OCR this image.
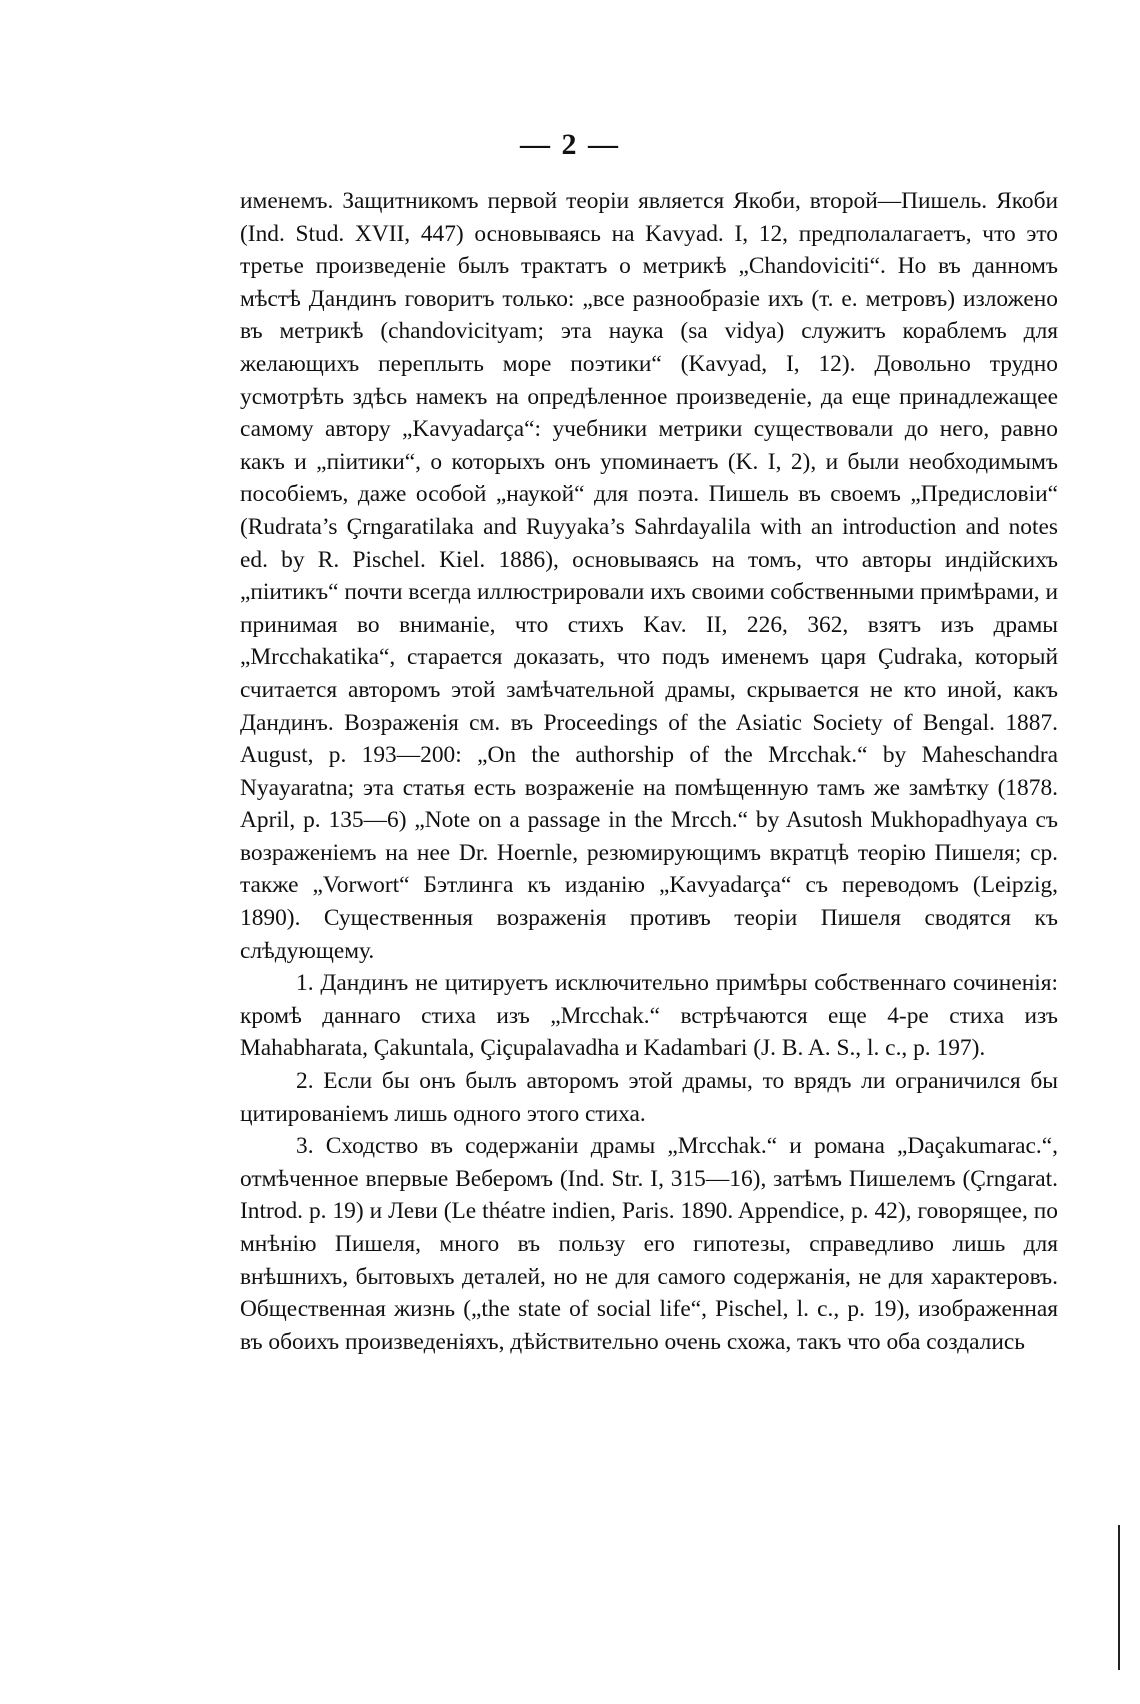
— 2 —

именемъ. Защитникомъ первой теоріи является Якоби, второй—Пишель. Якоби (Ind. Stud. XVII, 447) основываясь на Kavyad. I, 12, предполалагаетъ, что это третье произведеніе былъ трактатъ о метрикѣ „Chandoviciti“. Но въ данномъ мѣстѣ Дандинъ говоритъ только: „все разнообразіе ихъ (т. е. метровъ) изложено въ метрикѣ (chandovicityam; эта наука (sa vidya) служитъ кораблемъ для желающихъ переплыть море поэтики“ (Kavyad, I, 12). Довольно трудно усмотрѣть здѣсь намекъ на опредѣленное произведеніе, да еще принадлежащее самому автору „Kavyadarça“: учебники метрики существовали до него, равно какъ и „піитики“, о которыхъ онъ упоминаетъ (K. I, 2), и были необходимымъ пособіемъ, даже особой „наукой“ для поэта. Пишель въ своемъ „Предисловіи“ (Rudrata’s Çrngaratilaka and Ruyyaka’s Sahrdayalila with an introduction and notes ed. by R. Pischel. Kiel. 1886), основываясь на томъ, что авторы индійскихъ „піитикъ“ почти всегда иллюстрировали ихъ своими собственными примѣрами, и принимая во вниманіе, что стихъ Kav. II, 226, 362, взятъ изъ драмы „Mrcchakatika“, старается доказать, что подъ именемъ царя Çudraka, который считается авторомъ этой замѣчательной драмы, скрывается не кто иной, какъ Дандинъ. Возраженія см. въ Proceedings of the Asiatic Society of Bengal. 1887. August, p. 193—200: „On the authorship of the Mrcchak.“ by Maheschandra Nyayaratna; эта статья есть возраженіе на помѣщенную тамъ же замѣтку (1878. April, p. 135—6) „Note on a passage in the Mrcch.“ by Asutosh Mukhopadhyaya съ возраженіемъ на нее Dr. Hoernle, резюмирующимъ вкратцѣ теорію Пишеля; ср. также „Vorwort“ Бэтлинга къ изданію „Kavyadarça“ съ переводомъ (Leipzig, 1890). Существенныя возраженія противъ теоріи Пишеля сводятся къ слѣдующему.

1. Дандинъ не цитируетъ исключительно примѣры собственнаго сочиненія: кромѣ даннаго стиха изъ „Mrcchak.“ встрѣчаются еще 4-ре стиха изъ Mahabharata, Çakuntala, Çiçupalavadha и Kadambari (J. B. A. S., l. c., p. 197).

2. Если бы онъ былъ авторомъ этой драмы, то врядъ ли ограничился бы цитированіемъ лишь одного этого стиха.

3. Сходство въ содержаніи драмы „Mrcchak.“ и романа „Daçakumarac.“, отмѣченное впервые Веберомъ (Ind. Str. I, 315—16), затѣмъ Пишелемъ (Çrngarat. Introd. p. 19) и Леви (Le théatre indien, Paris. 1890. Appendice, p. 42), говорящее, по мнѣнію Пишеля, много въ пользу его гипотезы, справедливо лишь для внѣшнихъ, бытовыхъ деталей, но не для самого содержанія, не для характеровъ. Общественная жизнь („the state of social life“, Pischel, l. c., p. 19), изображенная въ обоихъ произведеніяхъ, дѣйствительно очень схожа, такъ что оба создались
